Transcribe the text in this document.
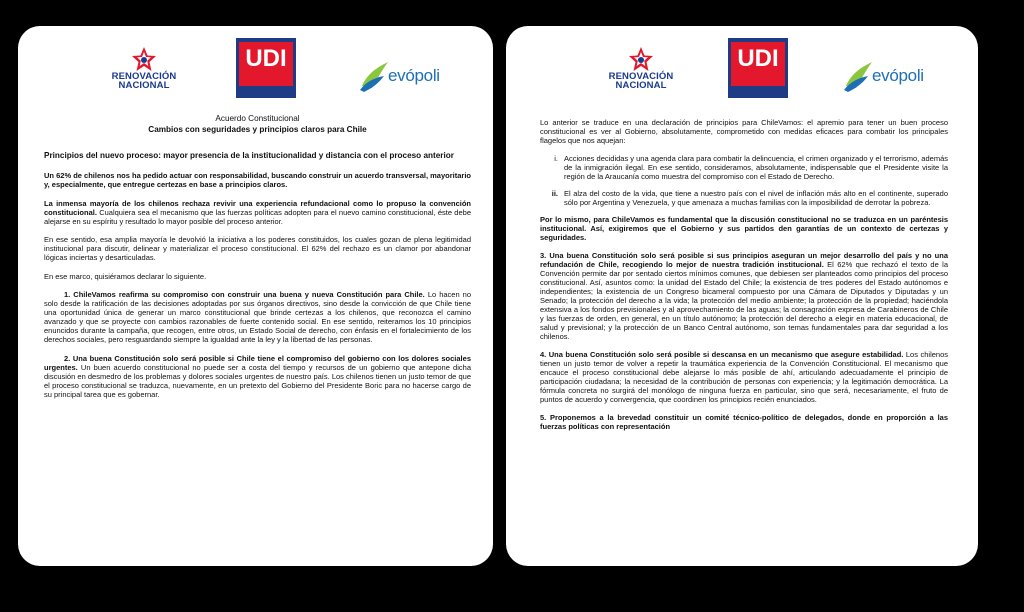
RENOVACIÓN
NACIONAL
UDI
evópoli
Acuerdo Constitucional
Cambios con seguridades y principios claros para Chile
Principios del nuevo proceso: mayor presencia de la institucionalidad y distancia con el proceso anterior

Un 62% de chilenos nos ha pedido actuar con responsabilidad, buscando construir un acuerdo transversal, mayoritario y, especialmente, que entregue certezas en base a principios claros.

La inmensa mayoría de los chilenos rechaza revivir una experiencia refundacional como lo propuso la convención constitucional. Cualquiera sea el mecanismo que las fuerzas políticas adopten para el nuevo camino constitucional, éste debe alejarse en su espíritu y resultado lo mayor posible del proceso anterior.

En ese sentido, esa amplia mayoría le devolvió la iniciativa a los poderes constituidos, los cuales gozan de plena legitimidad institucional para discutir, delinear y materializar el proceso constitucional. El 62% del rechazo es un clamor por abandonar lógicas inciertas y desarticuladas.

En ese marco, quisiéramos declarar lo siguiente.

1. ChileVamos reafirma su compromiso con construir una buena y nueva Constitución para Chile. Lo hacen no solo desde la ratificación de las decisiones adoptadas por sus órganos directivos, sino desde la convicción de que Chile tiene una oportunidad única de generar un marco constitucional que brinde certezas a los chilenos, que reconozca el camino avanzado y que se proyecte con cambios razonables de fuerte contenido social. En ese sentido, reiteramos los 10 principios enuncidos durante la campaña, que recogen, entre otros, un Estado Social de derecho, con énfasis en el fortalecimiento de los derechos sociales, pero resguardando siempre la igualdad ante la ley y la libertad de las personas.

2. Una buena Constitución solo será posible si Chile tiene el compromiso del gobierno con los dolores sociales urgentes. Un buen acuerdo constitucional no puede ser a costa del tiempo y recursos de un gobierno que antepone dicha discusión en desmedro de los problemas y dolores sociales urgentes de nuestro país. Los chilenos tienen un justo temor de que el proceso constitucional se traduzca, nuevamente, en un pretexto del Gobierno del Presidente Boric para no hacerse cargo de su principal tarea que es gobernar.

RENOVACIÓN
NACIONAL
UDI
evópoli

Lo anterior se traduce en una declaración de principios para ChileVamos: el apremio para tener un buen proceso constitucional es ver al Gobierno, absolutamente, comprometido con medidas eficaces para combatir los principales flagelos que nos aquejan:

i. Acciones decididas y una agenda clara para combatir la delincuencia, el crimen organizado y el terrorismo, además de la inmigración ilegal. En ese sentido, consideramos, absolutamente, indispensable que el Presidente visite la región de la Araucanía como muestra del compromiso con el Estado de Derecho.
ii. El alza del costo de la vida, que tiene a nuestro país con el nivel de inflación más alto en el continente, superado sólo por Argentina y Venezuela, y que amenaza a muchas familias con la imposibilidad de derrotar la pobreza.

Por lo mismo, para ChileVamos es fundamental que la discusión constitucional no se traduzca en un paréntesis institucional. Así, exigiremos que el Gobierno y sus partidos den garantías de un contexto de certezas y seguridades.

3. Una buena Constitución solo será posible si sus principios aseguran un mejor desarrollo del país y no una refundación de Chile, recogiendo lo mejor de nuestra tradición institucional. El 62% que rechazó el texto de la Convención permite dar por sentado ciertos mínimos comunes, que debiesen ser planteados como principios del proceso constitucional. Así, asuntos como: la unidad del Estado del Chile; la existencia de tres poderes del Estado autónomos e independientes; la existencia de un Congreso bicameral compuesto por una Cámara de Diputados y Diputadas y un Senado; la protección del derecho a la vida; la protección del medio ambiente; la protección de la propiedad; haciéndola extensiva a los fondos previsionales y al aprovechamiento de las aguas; la consagración expresa de Carabineros de Chile y las fuerzas de orden, en general, en un título autónomo; la protección del derecho a elegir en materia educacional, de salud y previsional; y la protección de un Banco Central autónomo, son temas fundamentales para dar seguridad a los chilenos.

4. Una buena Constitución solo será posible si descansa en un mecanismo que asegure estabilidad. Los chilenos tienen un justo temor de volver a repetir la traumática experiencia de la Convención Constitucional. El mecanismo que encauce el proceso constitucional debe alejarse lo más posible de ahí, articulando adecuadamente el principio de participación ciudadana; la necesidad de la contribución de personas con experiencia; y la legitimación democrática. La fórmula concreta no surgirá del monólogo de ninguna fuerza en particular, sino que será, necesariamente, el fruto de puntos de acuerdo y convergencia, que coordinen los principios recién enunciados.

5. Proponemos a la brevedad constituir un comité técnico-político de delegados, donde en proporción a las fuerzas políticas con representación
